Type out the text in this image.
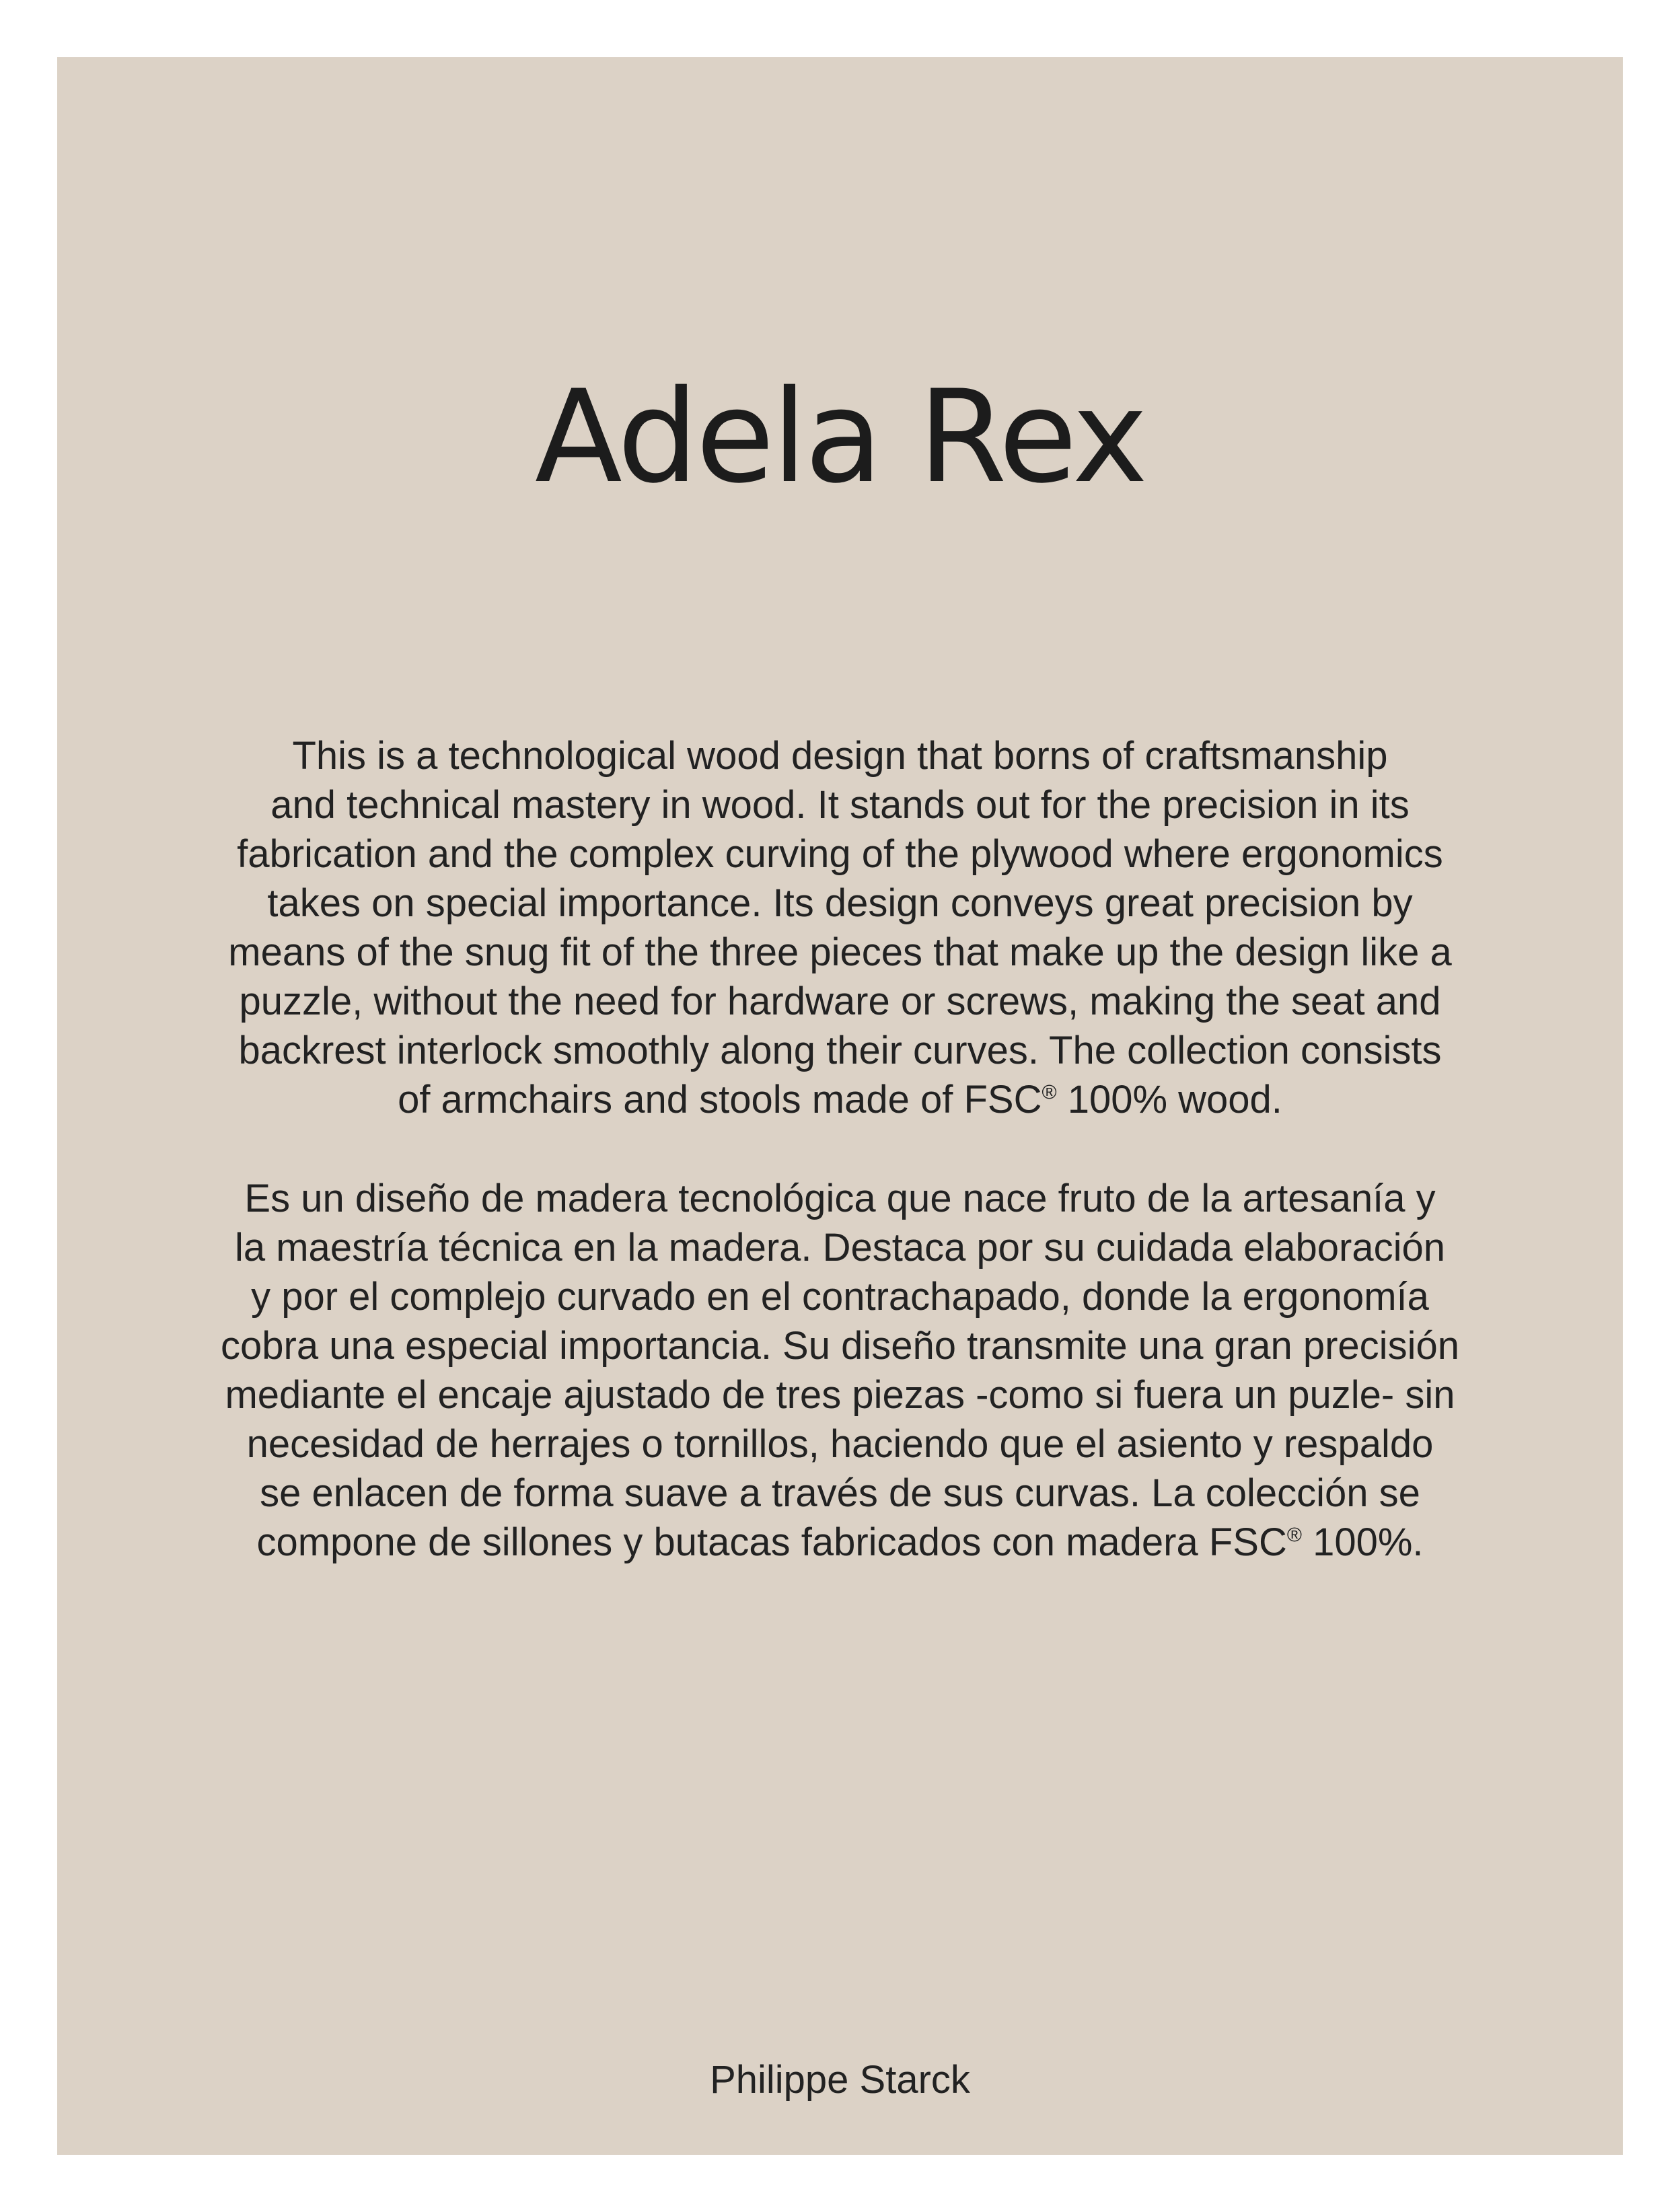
Adela Rex

This is a technological wood design that borns of craftsmanship
and technical mastery in wood. It stands out for the precision in its
fabrication and the complex curving of the plywood where ergonomics
takes on special importance. Its design conveys great precision by
means of the snug fit of the three pieces that make up the design like a
puzzle, without the need for hardware or screws, making the seat and
backrest interlock smoothly along their curves. The collection consists
of armchairs and stools made of FSC® 100% wood.

Es un diseño de madera tecnológica que nace fruto de la artesanía y
la maestría técnica en la madera. Destaca por su cuidada elaboración
y por el complejo curvado en el contrachapado, donde la ergonomía
cobra una especial importancia. Su diseño transmite una gran precisión
mediante el encaje ajustado de tres piezas -como si fuera un puzle- sin
necesidad de herrajes o tornillos, haciendo que el asiento y respaldo
se enlacen de forma suave a través de sus curvas. La colección se
compone de sillones y butacas fabricados con madera FSC® 100%.

Philippe Starck
